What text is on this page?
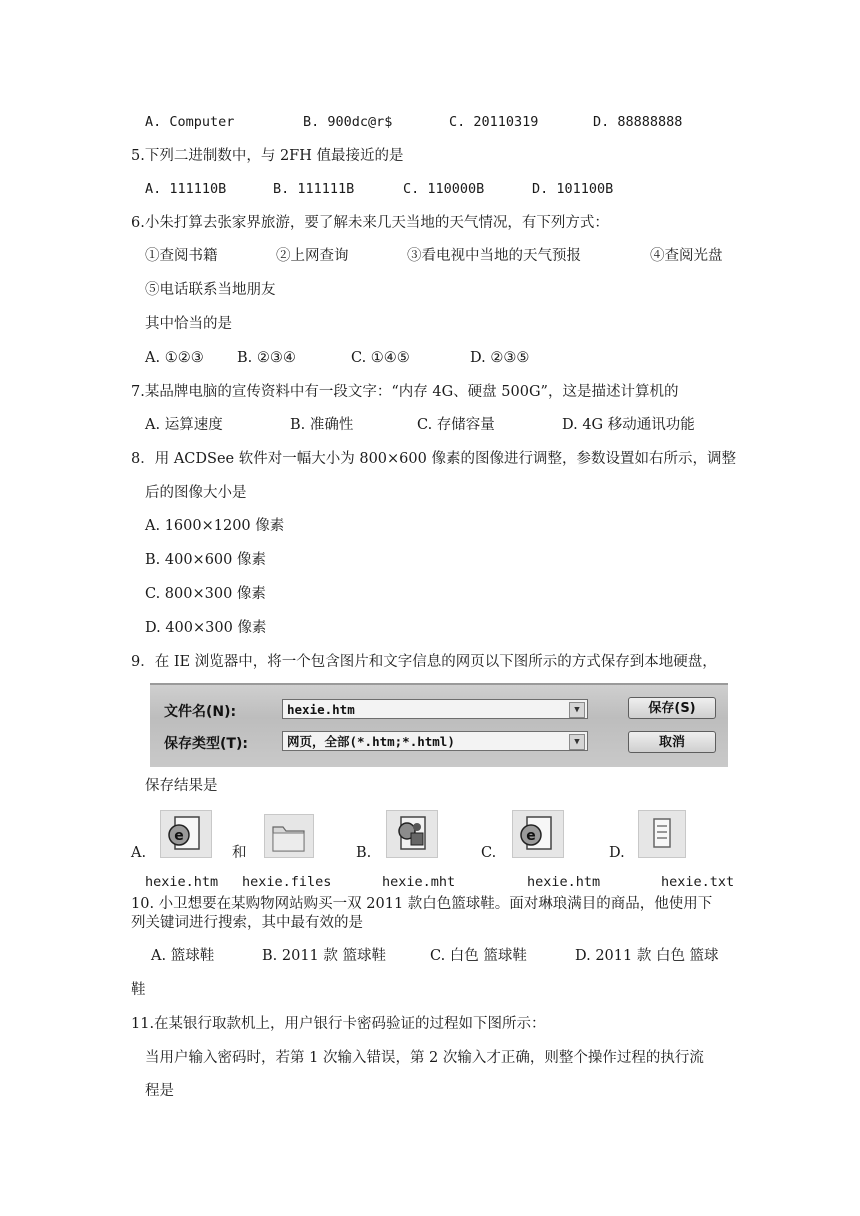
A. Computer	B. 900dc@r$	C. 20110319	D. 88888888
5.下列二进制数中，与 2FH 值最接近的是
A. 111110B	B. 111111B	C. 110000B	D. 101100B
6.小朱打算去张家界旅游，要了解未来几天当地的天气情况，有下列方式：
①查阅书籍	②上网查询	③看电视中当地的天气预报	④查阅光盘
⑤电话联系当地朋友
其中恰当的是
A. ①②③ B. ②③④	C. ①④⑤	D. ②③⑤
7.某品牌电脑的宣传资料中有一段文字：“内存 4G、硬盘 500G”，这是描述计算机的
A. 运算速度	B. 准确性	C. 存储容量	D. 4G 移动通讯功能
8．用 ACDSee 软件对一幅大小为 800×600 像素的图像进行调整，参数设置如右所示，调整
后的图像大小是
A. 1600×1200 像素
B. 400×600 像素
C. 800×300 像素
D. 400×300 像素
9．在 IE 浏览器中，将一个包含图片和文字信息的网页以下图所示的方式保存到本地硬盘，
文件名(N):	hexie.htm	▼
保存类型(T):	网页，全部(*.htm;*.html)	▼
保存(S)
取消
保存结果是
A.	和	B.	C.	D.
e	e
hexie.htm hexie.files	hexie.mht	hexie.htm	hexie.txt
10. 小卫想要在某购物网站购买一双 2011 款白色篮球鞋。面对琳琅满目的商品，他使用下
列关键词进行搜索，其中最有效的是
A. 篮球鞋	B. 2011 款 篮球鞋	C. 白色 篮球鞋	D. 2011 款 白色 篮球
鞋
11.在某银行取款机上，用户银行卡密码验证的过程如下图所示：
当用户输入密码时，若第 1 次输入错误，第 2 次输入才正确，则整个操作过程的执行流
程是
